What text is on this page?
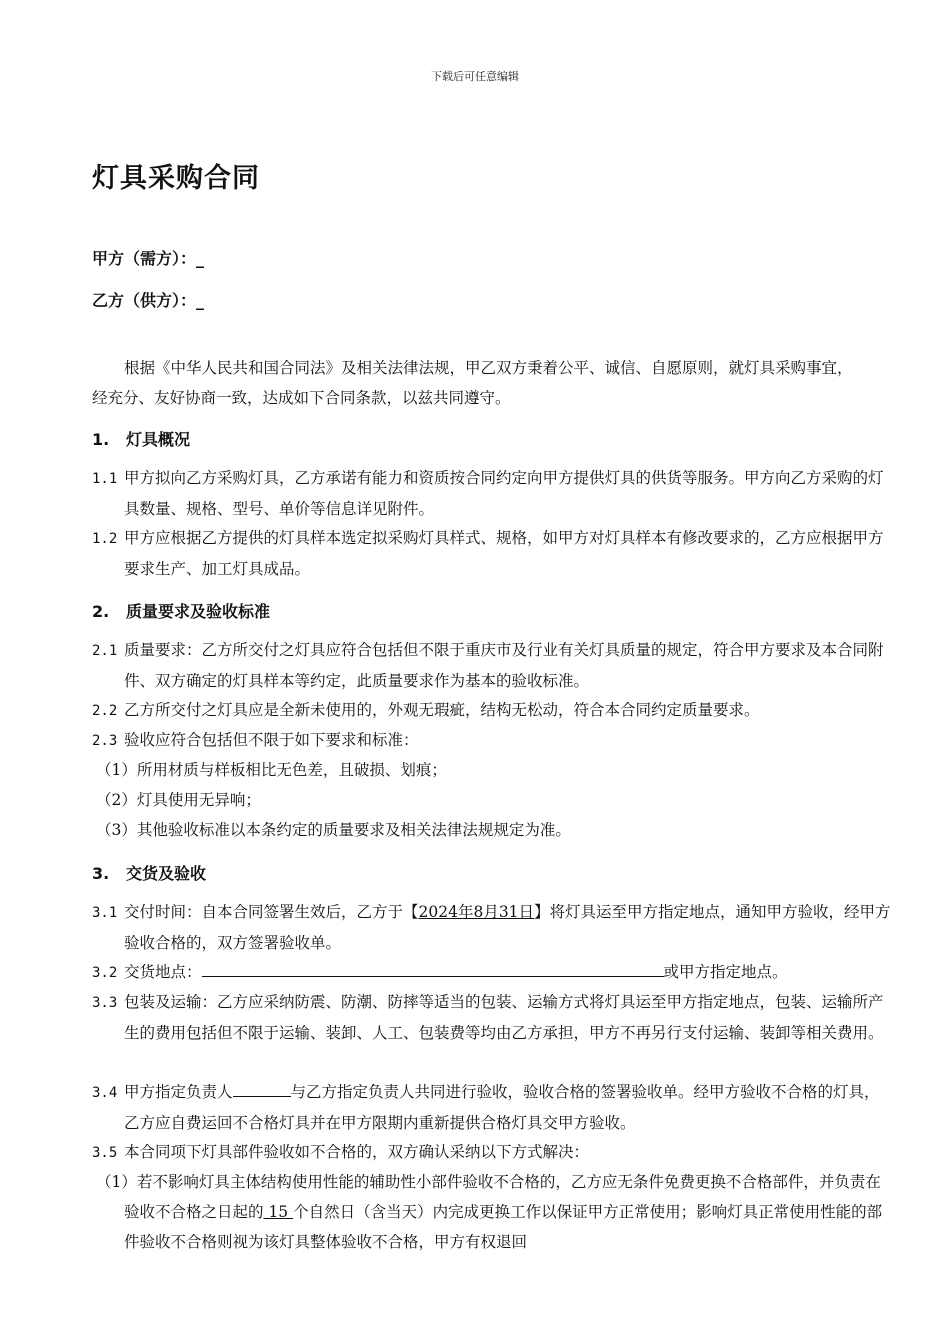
下载后可任意编辑
灯具采购合同
甲方（需方）：_
乙方（供方）：_
根据《中华人民共和国合同法》及相关法律法规，甲乙双方秉着公平、诚信、自愿原则，就灯具采购事宜，经充分、友好协商一致，达成如下合同条款，以兹共同遵守。
1. 灯具概况
1.1 甲方拟向乙方采购灯具，乙方承诺有能力和资质按合同约定向甲方提供灯具的供货等服务。甲方向乙方采购的灯具数量、规格、型号、单价等信息详见附件。
1.2 甲方应根据乙方提供的灯具样本选定拟采购灯具样式、规格，如甲方对灯具样本有修改要求的，乙方应根据甲方要求生产、加工灯具成品。
2. 质量要求及验收标准
2.1 质量要求：乙方所交付之灯具应符合包括但不限于重庆市及行业有关灯具质量的规定，符合甲方要求及本合同附件、双方确定的灯具样本等约定，此质量要求作为基本的验收标准。
2.2 乙方所交付之灯具应是全新未使用的，外观无瑕疵，结构无松动，符合本合同约定质量要求。
2.3 验收应符合包括但不限于如下要求和标准：
（1）所用材质与样板相比无色差，且破损、划痕；
（2）灯具使用无异响；
（3）其他验收标准以本条约定的质量要求及相关法律法规规定为准。
3. 交货及验收
3.1 交付时间：自本合同签署生效后，乙方于【2024年8月31日】将灯具运至甲方指定地点，通知甲方验收，经甲方验收合格的，双方签署验收单。
3.2 交货地点：	或甲方指定地点。
3.3 包装及运输：乙方应采纳防震、防潮、防摔等适当的包装、运输方式将灯具运至甲方指定地点，包装、运输所产生的费用包括但不限于运输、装卸、人工、包装费等均由乙方承担，甲方不再另行支付运输、装卸等相关费用。
3.4 甲方指定负责人	与乙方指定负责人共同进行验收，验收合格的签署验收单。经甲方验收不合格的灯具，乙方应自费运回不合格灯具并在甲方限期内重新提供合格灯具交甲方验收。
3.5 本合同项下灯具部件验收如不合格的，双方确认采纳以下方式解决：
（1）若不影响灯具主体结构使用性能的辅助性小部件验收不合格的，乙方应无条件免费更换不合格部件，并负责在验收不合格之日起的 15 个自然日（含当天）内完成更换工作以保证甲方正常使用；影响灯具正常使用性能的部件验收不合格则视为该灯具整体验收不合格，甲方有权退回
